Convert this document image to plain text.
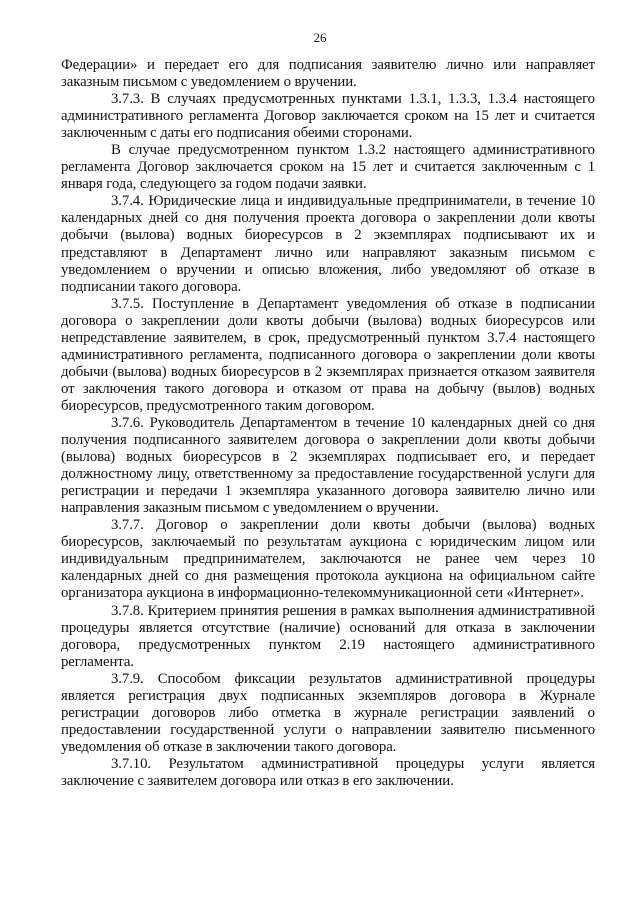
26

Федерации» и передает его для подписания заявителю лично или направляет заказным письмом с уведомлением о вручении.

3.7.3. В случаях предусмотренных пунктами 1.3.1, 1.3.3, 1.3.4 настоящего административного регламента Договор заключается сроком на 15 лет и считается заключенным с даты его подписания обеими сторонами.

В случае предусмотренном пунктом 1.3.2 настоящего административного регламента Договор заключается сроком на 15 лет и считается заключенным с 1 января года, следующего за годом подачи заявки.

3.7.4. Юридические лица и индивидуальные предприниматели, в течение 10 календарных дней со дня получения проекта договора о закреплении доли квоты добычи (вылова) водных биоресурсов в 2 экземплярах подписывают их и представляют в Департамент лично или направляют заказным письмом с уведомлением о вручении и описью вложения, либо уведомляют об отказе в подписании такого договора.

3.7.5. Поступление в Департамент уведомления об отказе в подписании договора о закреплении доли квоты добычи (вылова) водных биоресурсов или непредставление заявителем, в срок, предусмотренный пунктом 3.7.4 настоящего административного регламента, подписанного договора о закреплении доли квоты добычи (вылова) водных биоресурсов в 2 экземплярах признается отказом заявителя от заключения такого договора и отказом от права на добычу (вылов) водных биоресурсов, предусмотренного таким договором.

3.7.6. Руководитель Департаментом в течение 10 календарных дней со дня получения подписанного заявителем договора о закреплении доли квоты добычи (вылова) водных биоресурсов в 2 экземплярах подписывает его, и передает должностному лицу, ответственному за предоставление государственной услуги для регистрации и передачи 1 экземпляра указанного договора заявителю лично или направления заказным письмом с уведомлением о вручении.

3.7.7. Договор о закреплении доли квоты добычи (вылова) водных биоресурсов, заключаемый по результатам аукциона с юридическим лицом или индивидуальным предпринимателем, заключаются не ранее чем через 10 календарных дней со дня размещения протокола аукциона на официальном сайте организатора аукциона в информационно-телекоммуникационной сети «Интернет».

3.7.8. Критерием принятия решения в рамках выполнения административной процедуры является отсутствие (наличие) оснований для отказа в заключении договора, предусмотренных пунктом 2.19 настоящего административного регламента.

3.7.9. Способом фиксации результатов административной процедуры является регистрация двух подписанных экземпляров договора в Журнале регистрации договоров либо отметка в журнале регистрации заявлений о предоставлении государственной услуги о направлении заявителю письменного уведомления об отказе в заключении такого договора.

3.7.10. Результатом административной процедуры услуги является заключение с заявителем договора или отказ в его заключении.
